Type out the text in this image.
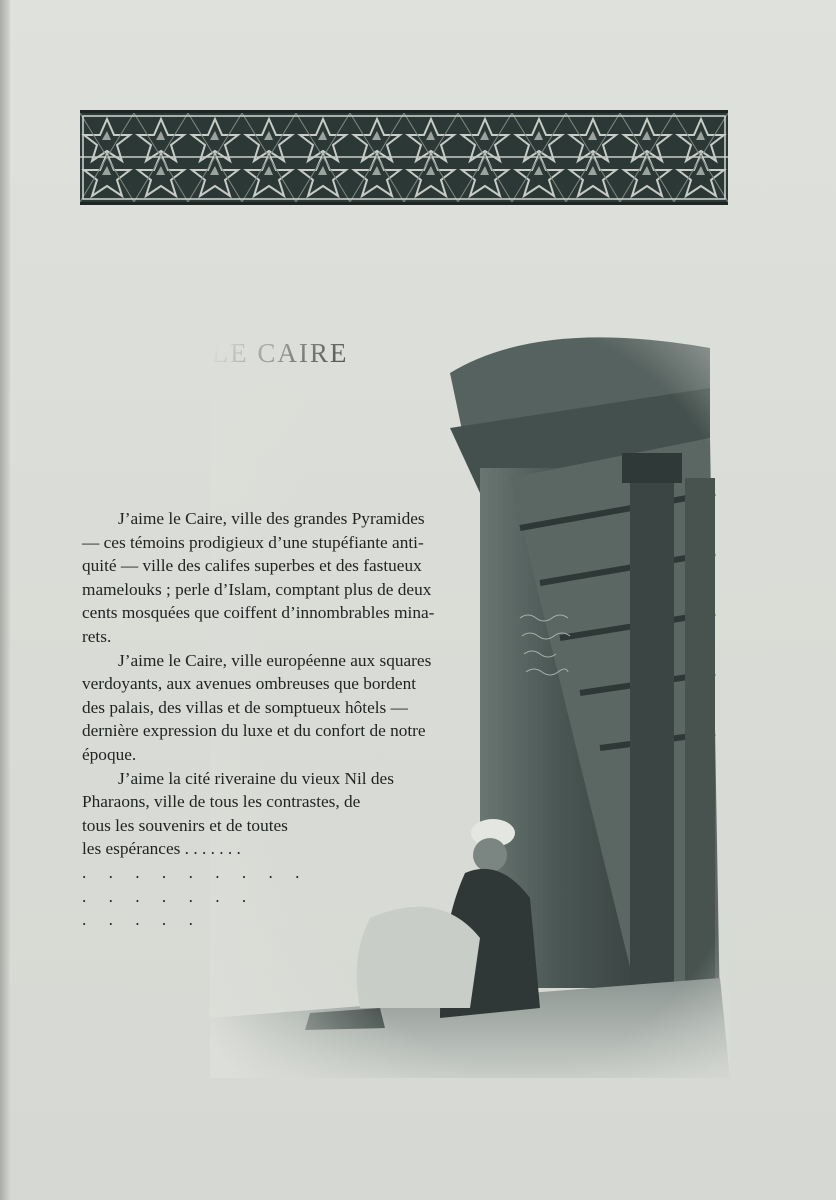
J’aime le Caire, ville des grandes Pyramides
— ces témoins prodigieux d’une stupéfiante anti-
quité — ville des califes superbes et des fastueux
mamelouks ; perle d’Islam, comptant plus de deux
cents mosquées que coiffent d’innombrables mina-
rets.

J’aime le Caire, ville européenne aux squares
verdoyants, aux avenues ombreuses que bordent
des palais, des villas et de somptueux hôtels —
dernière expression du luxe et du confort de notre
époque.

J’aime la cité riveraine du vieux Nil des
Pharaons, ville de tous les contrastes, de
tous les souvenirs et de toutes
les espérances . . . . . . .

. . . . . . . . .
. . . . . . .
. . . . .
